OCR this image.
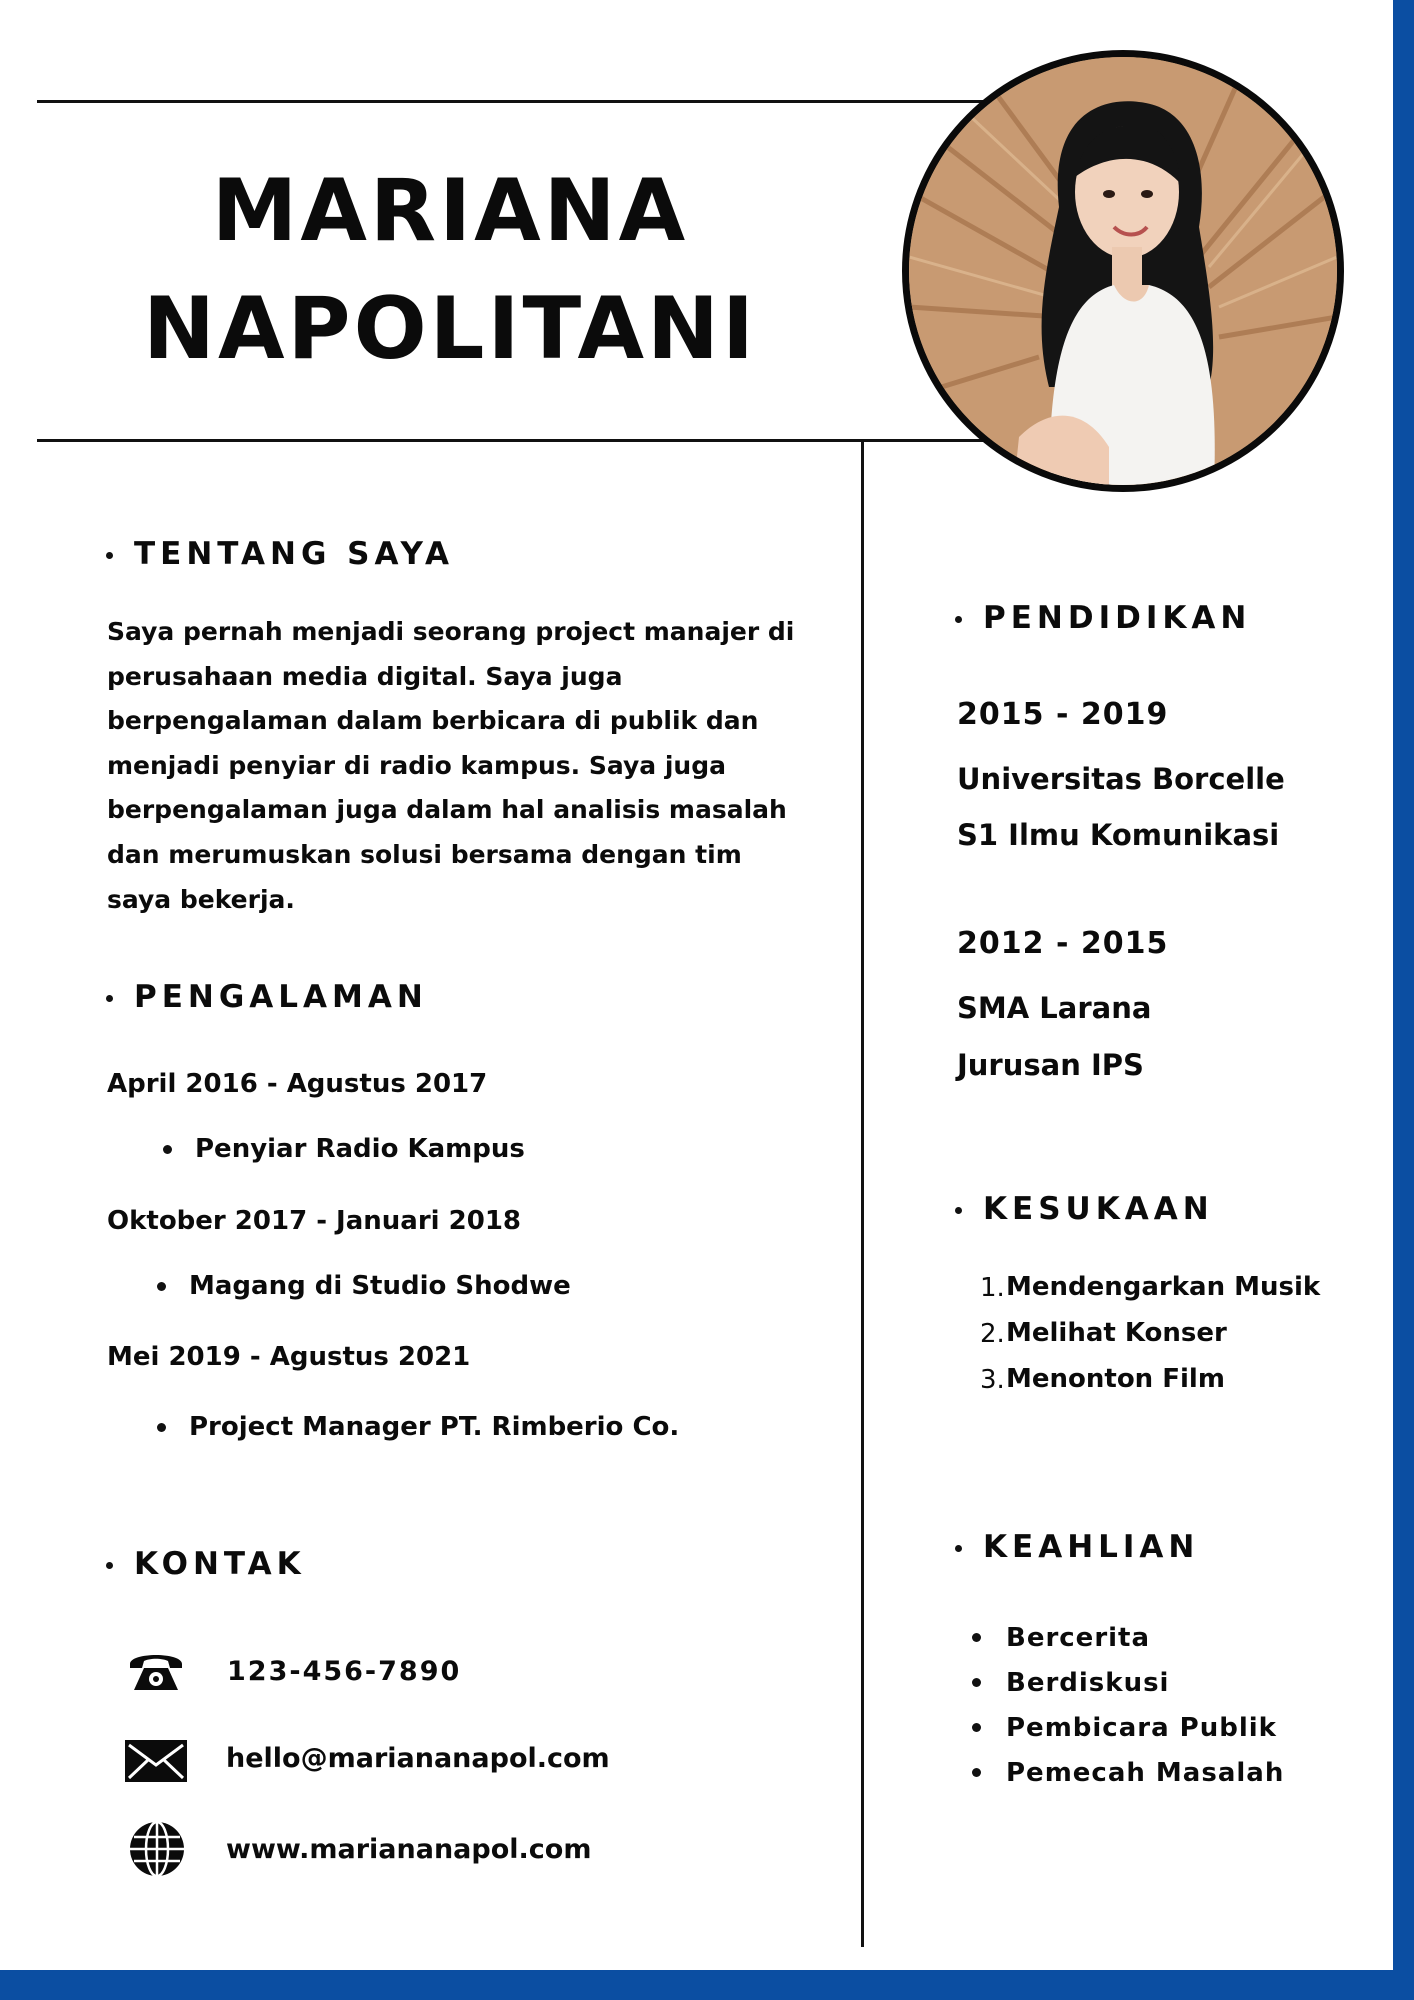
MARIANA
NAPOLITANI
TENTANG SAYA
Saya pernah menjadi seorang project manajer di perusahaan media digital. Saya juga berpengalaman dalam berbicara di publik dan menjadi penyiar di radio kampus. Saya juga berpengalaman juga dalam hal analisis masalah dan merumuskan solusi bersama dengan tim saya bekerja.
PENGALAMAN
April 2016 - Agustus 2017
Penyiar Radio Kampus
Oktober 2017 - Januari 2018
Magang di Studio Shodwe
Mei 2019 - Agustus 2021
Project Manager PT. Rimberio Co.
KONTAK
123-456-7890
hello@mariananapol.com
www.mariananapol.com
PENDIDIKAN
2015 - 2019
Universitas Borcelle
S1 Ilmu Komunikasi
2012 - 2015
SMA Larana
Jurusan IPS
KESUKAAN
1. Mendengarkan Musik
2. Melihat Konser
3. Menonton Film
KEAHLIAN
Bercerita
Berdiskusi
Pembicara Publik
Pemecah Masalah
